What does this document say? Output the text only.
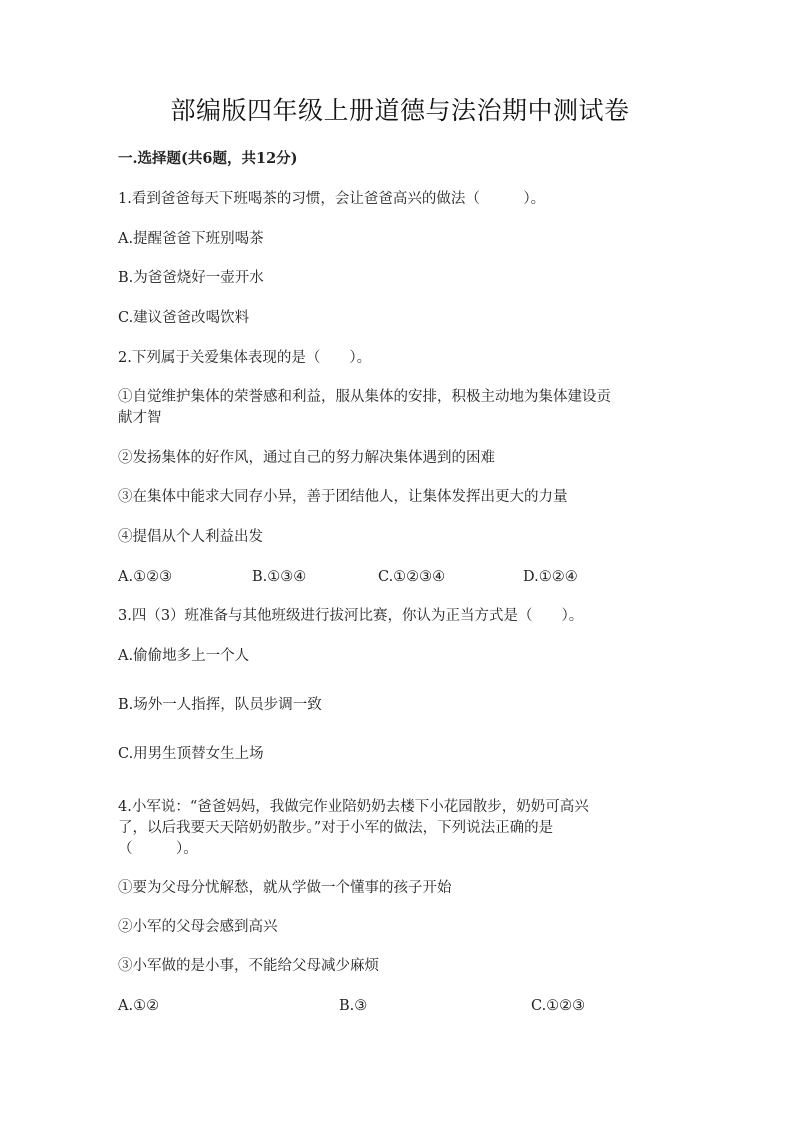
部编版四年级上册道德与法治期中测试卷
一.选择题(共6题，共12分)
1.看到爸爸每天下班喝茶的习惯，会让爸爸高兴的做法（　　　）。
A.提醒爸爸下班别喝茶
B.为爸爸烧好一壶开水
C.建议爸爸改喝饮料
2.下列属于关爱集体表现的是（　　）。
①自觉维护集体的荣誉感和利益，服从集体的安排，积极主动地为集体建设贡
献才智
②发扬集体的好作风，通过自己的努力解决集体遇到的困难
③在集体中能求大同存小异，善于团结他人，让集体发挥出更大的力量
④提倡从个人利益出发
A.①②③	B.①③④	C.①②③④	D.①②④
3.四（3）班准备与其他班级进行拔河比赛，你认为正当方式是（　　）。
A.偷偷地多上一个人
B.场外一人指挥，队员步调一致
C.用男生顶替女生上场
4.小军说：“爸爸妈妈，我做完作业陪奶奶去楼下小花园散步，奶奶可高兴
了，以后我要天天陪奶奶散步。”对于小军的做法，下列说法正确的是
（　　　）。
①要为父母分忧解愁，就从学做一个懂事的孩子开始
②小军的父母会感到高兴
③小军做的是小事，不能给父母减少麻烦
A.①②	B.③	C.①②③
